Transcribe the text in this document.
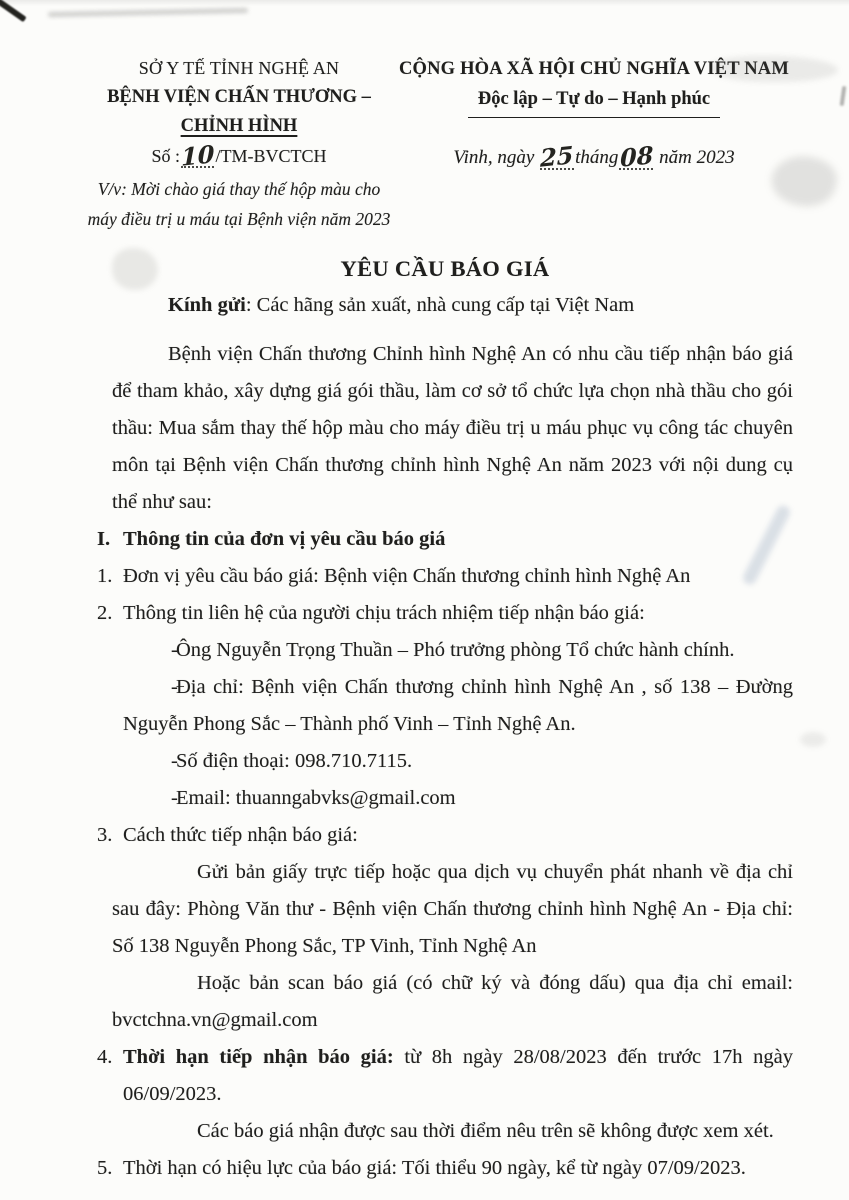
SỞ Y TẾ TỈNH NGHỆ AN
BỆNH VIỆN CHẤN THƯƠNG –
CHỈNH HÌNH
Số :10/TM-BVCTCH
V/v: Mời chào giá thay thế hộp màu cho máy điều trị u máu tại Bệnh viện năm 2023
CỘNG HÒA XÃ HỘI CHỦ NGHĨA VIỆT NAM
Độc lập – Tự do – Hạnh phúc
Vinh, ngày 25tháng08 năm 2023
YÊU CẦU BÁO GIÁ
Kính gửi: Các hãng sản xuất, nhà cung cấp tại Việt Nam

Bệnh viện Chấn thương Chỉnh hình Nghệ An có nhu cầu tiếp nhận báo giá để tham khảo, xây dựng giá gói thầu, làm cơ sở tổ chức lựa chọn nhà thầu cho gói thầu: Mua sắm thay thế hộp màu cho máy điều trị u máu phục vụ công tác chuyên môn tại Bệnh viện Chấn thương chỉnh hình Nghệ An năm 2023 với nội dung cụ thể như sau:

I. Thông tin của đơn vị yêu cầu báo giá
1. Đơn vị yêu cầu báo giá: Bệnh viện Chấn thương chỉnh hình Nghệ An
2. Thông tin liên hệ của người chịu trách nhiệm tiếp nhận báo giá:

-Ông Nguyễn Trọng Thuần – Phó trưởng phòng Tổ chức hành chính.

-Địa chỉ: Bệnh viện Chấn thương chỉnh hình Nghệ An , số 138 – Đường Nguyễn Phong Sắc – Thành phố Vinh – Tỉnh Nghệ An.

-Số điện thoại: 098.710.7115.

-Email: thuanngabvks@gmail.com

3. Cách thức tiếp nhận báo giá:

Gửi bản giấy trực tiếp hoặc qua dịch vụ chuyển phát nhanh về địa chỉ sau đây: Phòng Văn thư - Bệnh viện Chấn thương chỉnh hình Nghệ An - Địa chỉ: Số 138 Nguyễn Phong Sắc, TP Vinh, Tỉnh Nghệ An

Hoặc bản scan báo giá (có chữ ký và đóng dấu) qua địa chỉ email: bvctchna.vn@gmail.com

4. Thời hạn tiếp nhận báo giá: từ 8h ngày 28/08/2023 đến trước 17h ngày 06/09/2023.

Các báo giá nhận được sau thời điểm nêu trên sẽ không được xem xét.

5. Thời hạn có hiệu lực của báo giá: Tối thiểu 90 ngày, kể từ ngày 07/09/2023.
